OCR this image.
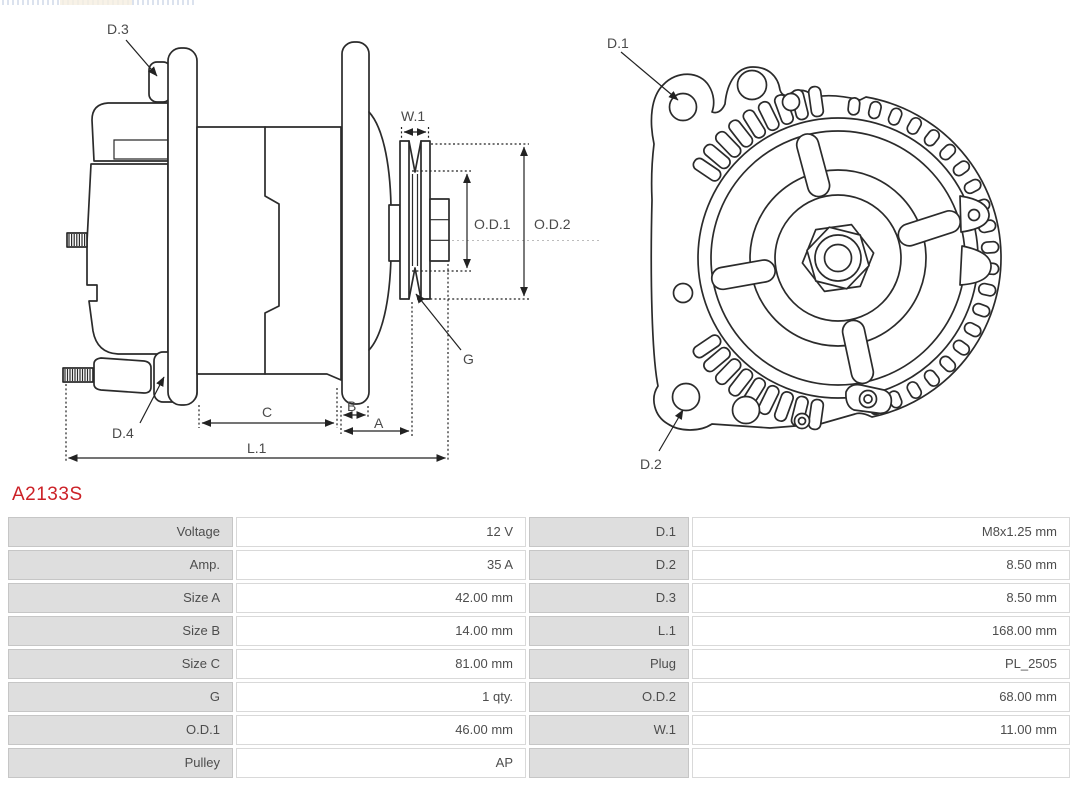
W.1
O.D.1 O.D.2
G
C	B
A
L.1
D.3
D.4
D.1
D.2
A2133S
Voltage	12 V	D.1	M8x1.25 mm
Amp.	35 A	D.2	8.50 mm
Size A	42.00 mm	D.3	8.50 mm
Size B	14.00 mm	L.1	168.00 mm
Size C	81.00 mm	Plug	PL_2505
G	1 qty.	O.D.2	68.00 mm
O.D.1	46.00 mm	W.1	11.00 mm
Pulley	AP
